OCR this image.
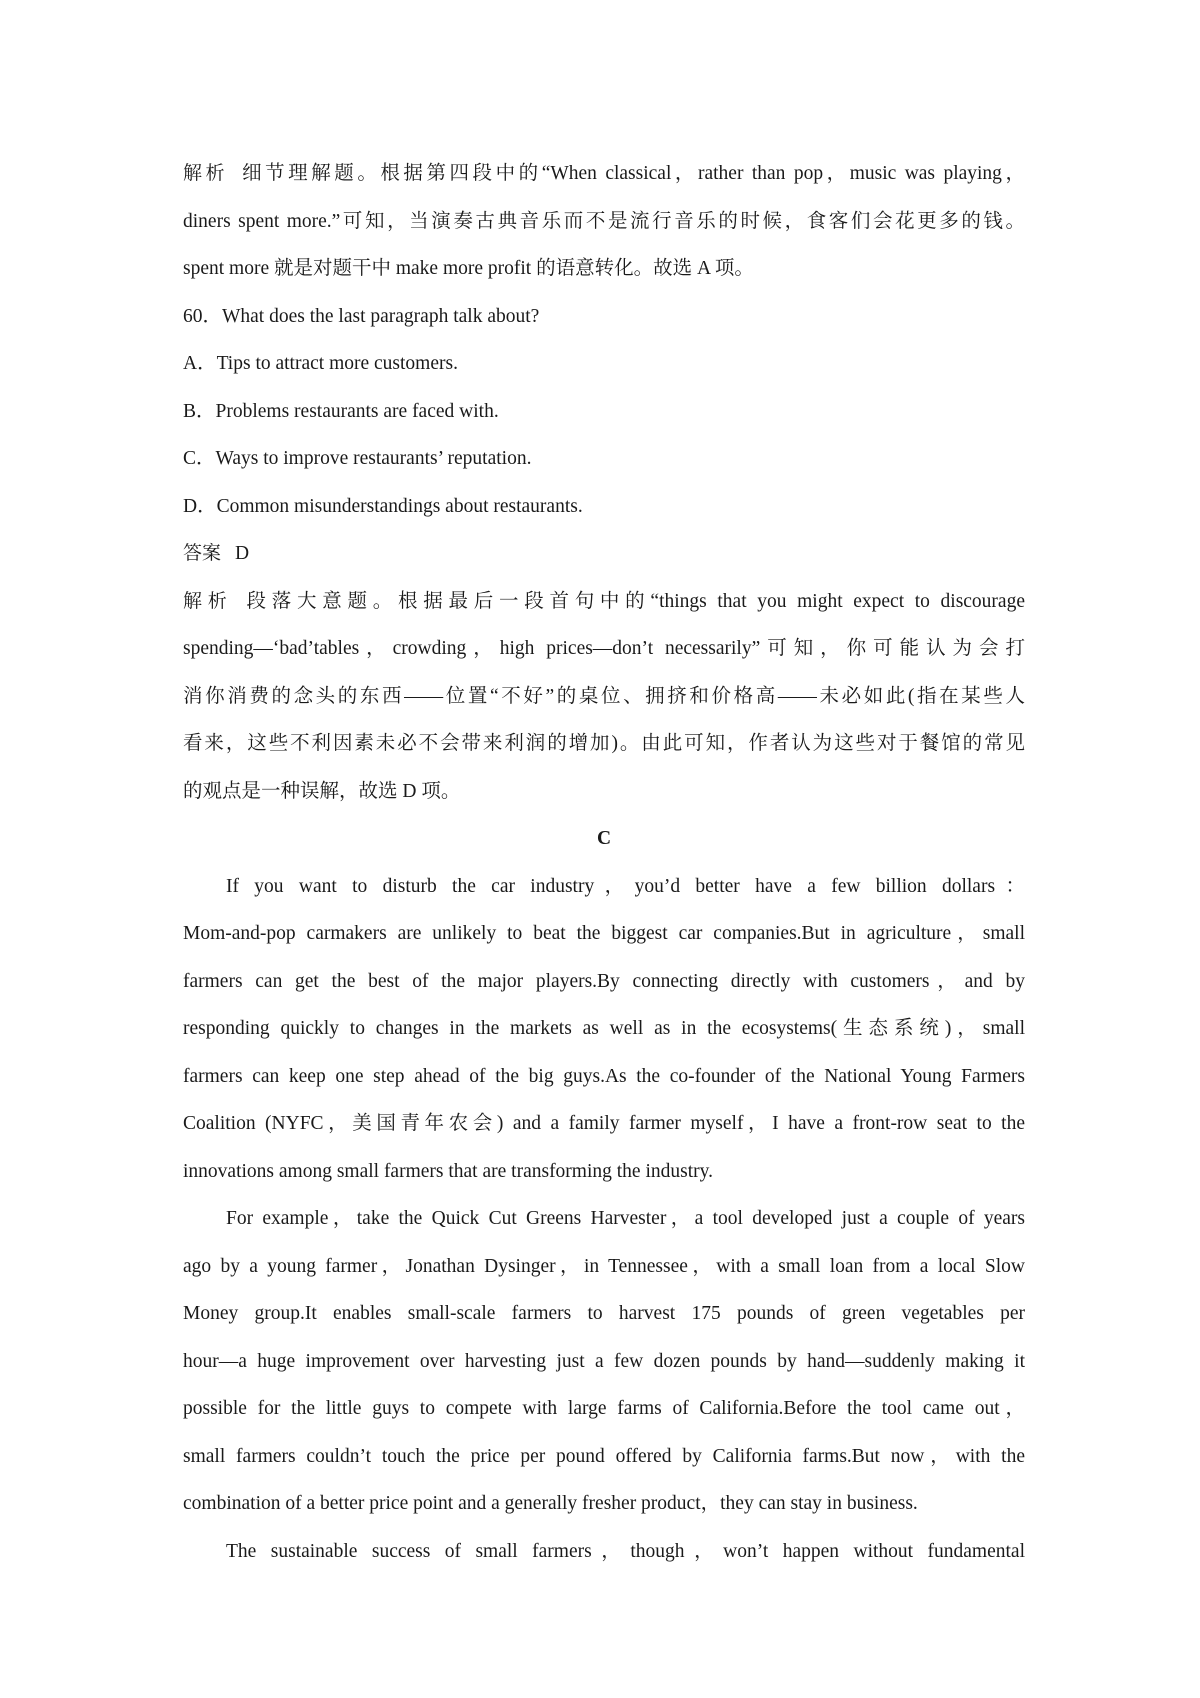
解析 细节理解题。根据第四段中的“When classical，rather than pop，music was playing，
diners spent more.”可知，当演奏古典音乐而不是流行音乐的时候，食客们会花更多的钱。
spent more 就是对题干中 make more profit 的语意转化。故选 A 项。
60．What does the last paragraph talk about?
A．Tips to attract more customers.
B．Problems restaurants are faced with.
C．Ways to improve restaurants’ reputation.
D．Common misunderstandings about restaurants.
答案 D
解析 段落大意题。根据最后一段首句中的“things that you might expect to discourage
spending—‘bad’tables，crowding，high prices—don’t necessarily”可知，你可能认为会打
消你消费的念头的东西——位置“不好”的桌位、拥挤和价格高——未必如此(指在某些人
看来，这些不利因素未必不会带来利润的增加)。由此可知，作者认为这些对于餐馆的常见
的观点是一种误解，故选 D 项。
C
If you want to disturb the car industry，you’d better have a few billion dollars：
Mom-and-pop carmakers are unlikely to beat the biggest car companies.But in agriculture，small
farmers can get the best of the major players.By connecting directly with customers，and by
responding quickly to changes in the markets as well as in the ecosystems(生态系统)，small
farmers can keep one step ahead of the big guys.As the co-founder of the National Young Farmers
Coalition (NYFC，美国青年农会) and a family farmer myself，I have a front-row seat to the
innovations among small farmers that are transforming the industry.
For example，take the Quick Cut Greens Harvester，a tool developed just a couple of years
ago by a young farmer，Jonathan Dysinger，in Tennessee，with a small loan from a local Slow
Money group.It enables small-scale farmers to harvest 175 pounds of green vegetables per
hour—a huge improvement over harvesting just a few dozen pounds by hand—suddenly making it
possible for the little guys to compete with large farms of California.Before the tool came out，
small farmers couldn’t touch the price per pound offered by California farms.But now，with the
combination of a better price point and a generally fresher product，they can stay in business.
The sustainable success of small farmers，though，won’t happen without fundamental
